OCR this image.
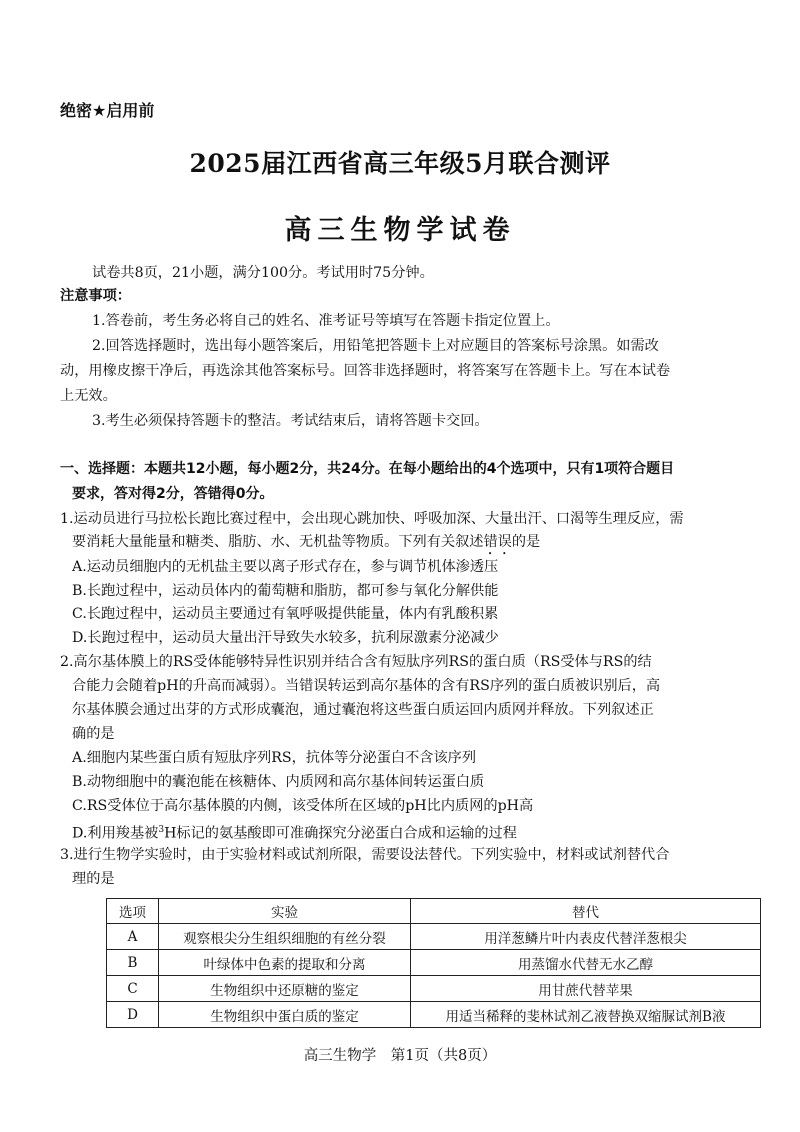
绝密★启用前
2025届江西省高三年级5月联合测评
高三生物学试卷
试卷共8页，21小题，满分100分。考试用时75分钟。
注意事项：
1.答卷前，考生务必将自己的姓名、准考证号等填写在答题卡指定位置上。
2.回答选择题时，选出每小题答案后，用铅笔把答题卡上对应题目的答案标号涂黑。如需改
动，用橡皮擦干净后，再选涂其他答案标号。回答非选择题时，将答案写在答题卡上。写在本试卷
上无效。
3.考生必须保持答题卡的整洁。考试结束后，请将答题卡交回。
一、选择题：本题共12小题，每小题2分，共24分。在每小题给出的4个选项中，只有1项符合题目
要求，答对得2分，答错得0分。
1.运动员进行马拉松长跑比赛过程中，会出现心跳加快、呼吸加深、大量出汗、口渴等生理反应，需
要消耗大量能量和糖类、脂肪、水、无机盐等物质。下列有关叙述错误的是
A.运动员细胞内的无机盐主要以离子形式存在，参与调节机体渗透压
B.长跑过程中，运动员体内的葡萄糖和脂肪，都可参与氧化分解供能
C.长跑过程中，运动员主要通过有氧呼吸提供能量，体内有乳酸积累
D.长跑过程中，运动员大量出汗导致失水较多，抗利尿激素分泌减少
2.高尔基体膜上的RS受体能够特异性识别并结合含有短肽序列RS的蛋白质（RS受体与RS的结
合能力会随着pH的升高而减弱）。当错误转运到高尔基体的含有RS序列的蛋白质被识别后，高
尔基体膜会通过出芽的方式形成囊泡，通过囊泡将这些蛋白质运回内质网并释放。下列叙述正
确的是
A.细胞内某些蛋白质有短肽序列RS，抗体等分泌蛋白不含该序列
B.动物细胞中的囊泡能在核糖体、内质网和高尔基体间转运蛋白质
C.RS受体位于高尔基体膜的内侧，该受体所在区域的pH比内质网的pH高
D.利用羧基被$^3$H标记的氨基酸即可准确探究分泌蛋白合成和运输的过程
3.进行生物学实验时，由于实验材料或试剂所限，需要设法替代。下列实验中，材料或试剂替代合
理的是
选项	实验	替代
A	观察根尖分生组织细胞的有丝分裂	用洋葱鳞片叶内表皮代替洋葱根尖
B	叶绿体中色素的提取和分离	用蒸馏水代替无水乙醇
C	生物组织中还原糖的鉴定	用甘蔗代替苹果
D	生物组织中蛋白质的鉴定	用适当稀释的斐林试剂乙液替换双缩脲试剂B液
高三生物学　第1页（共8页）
